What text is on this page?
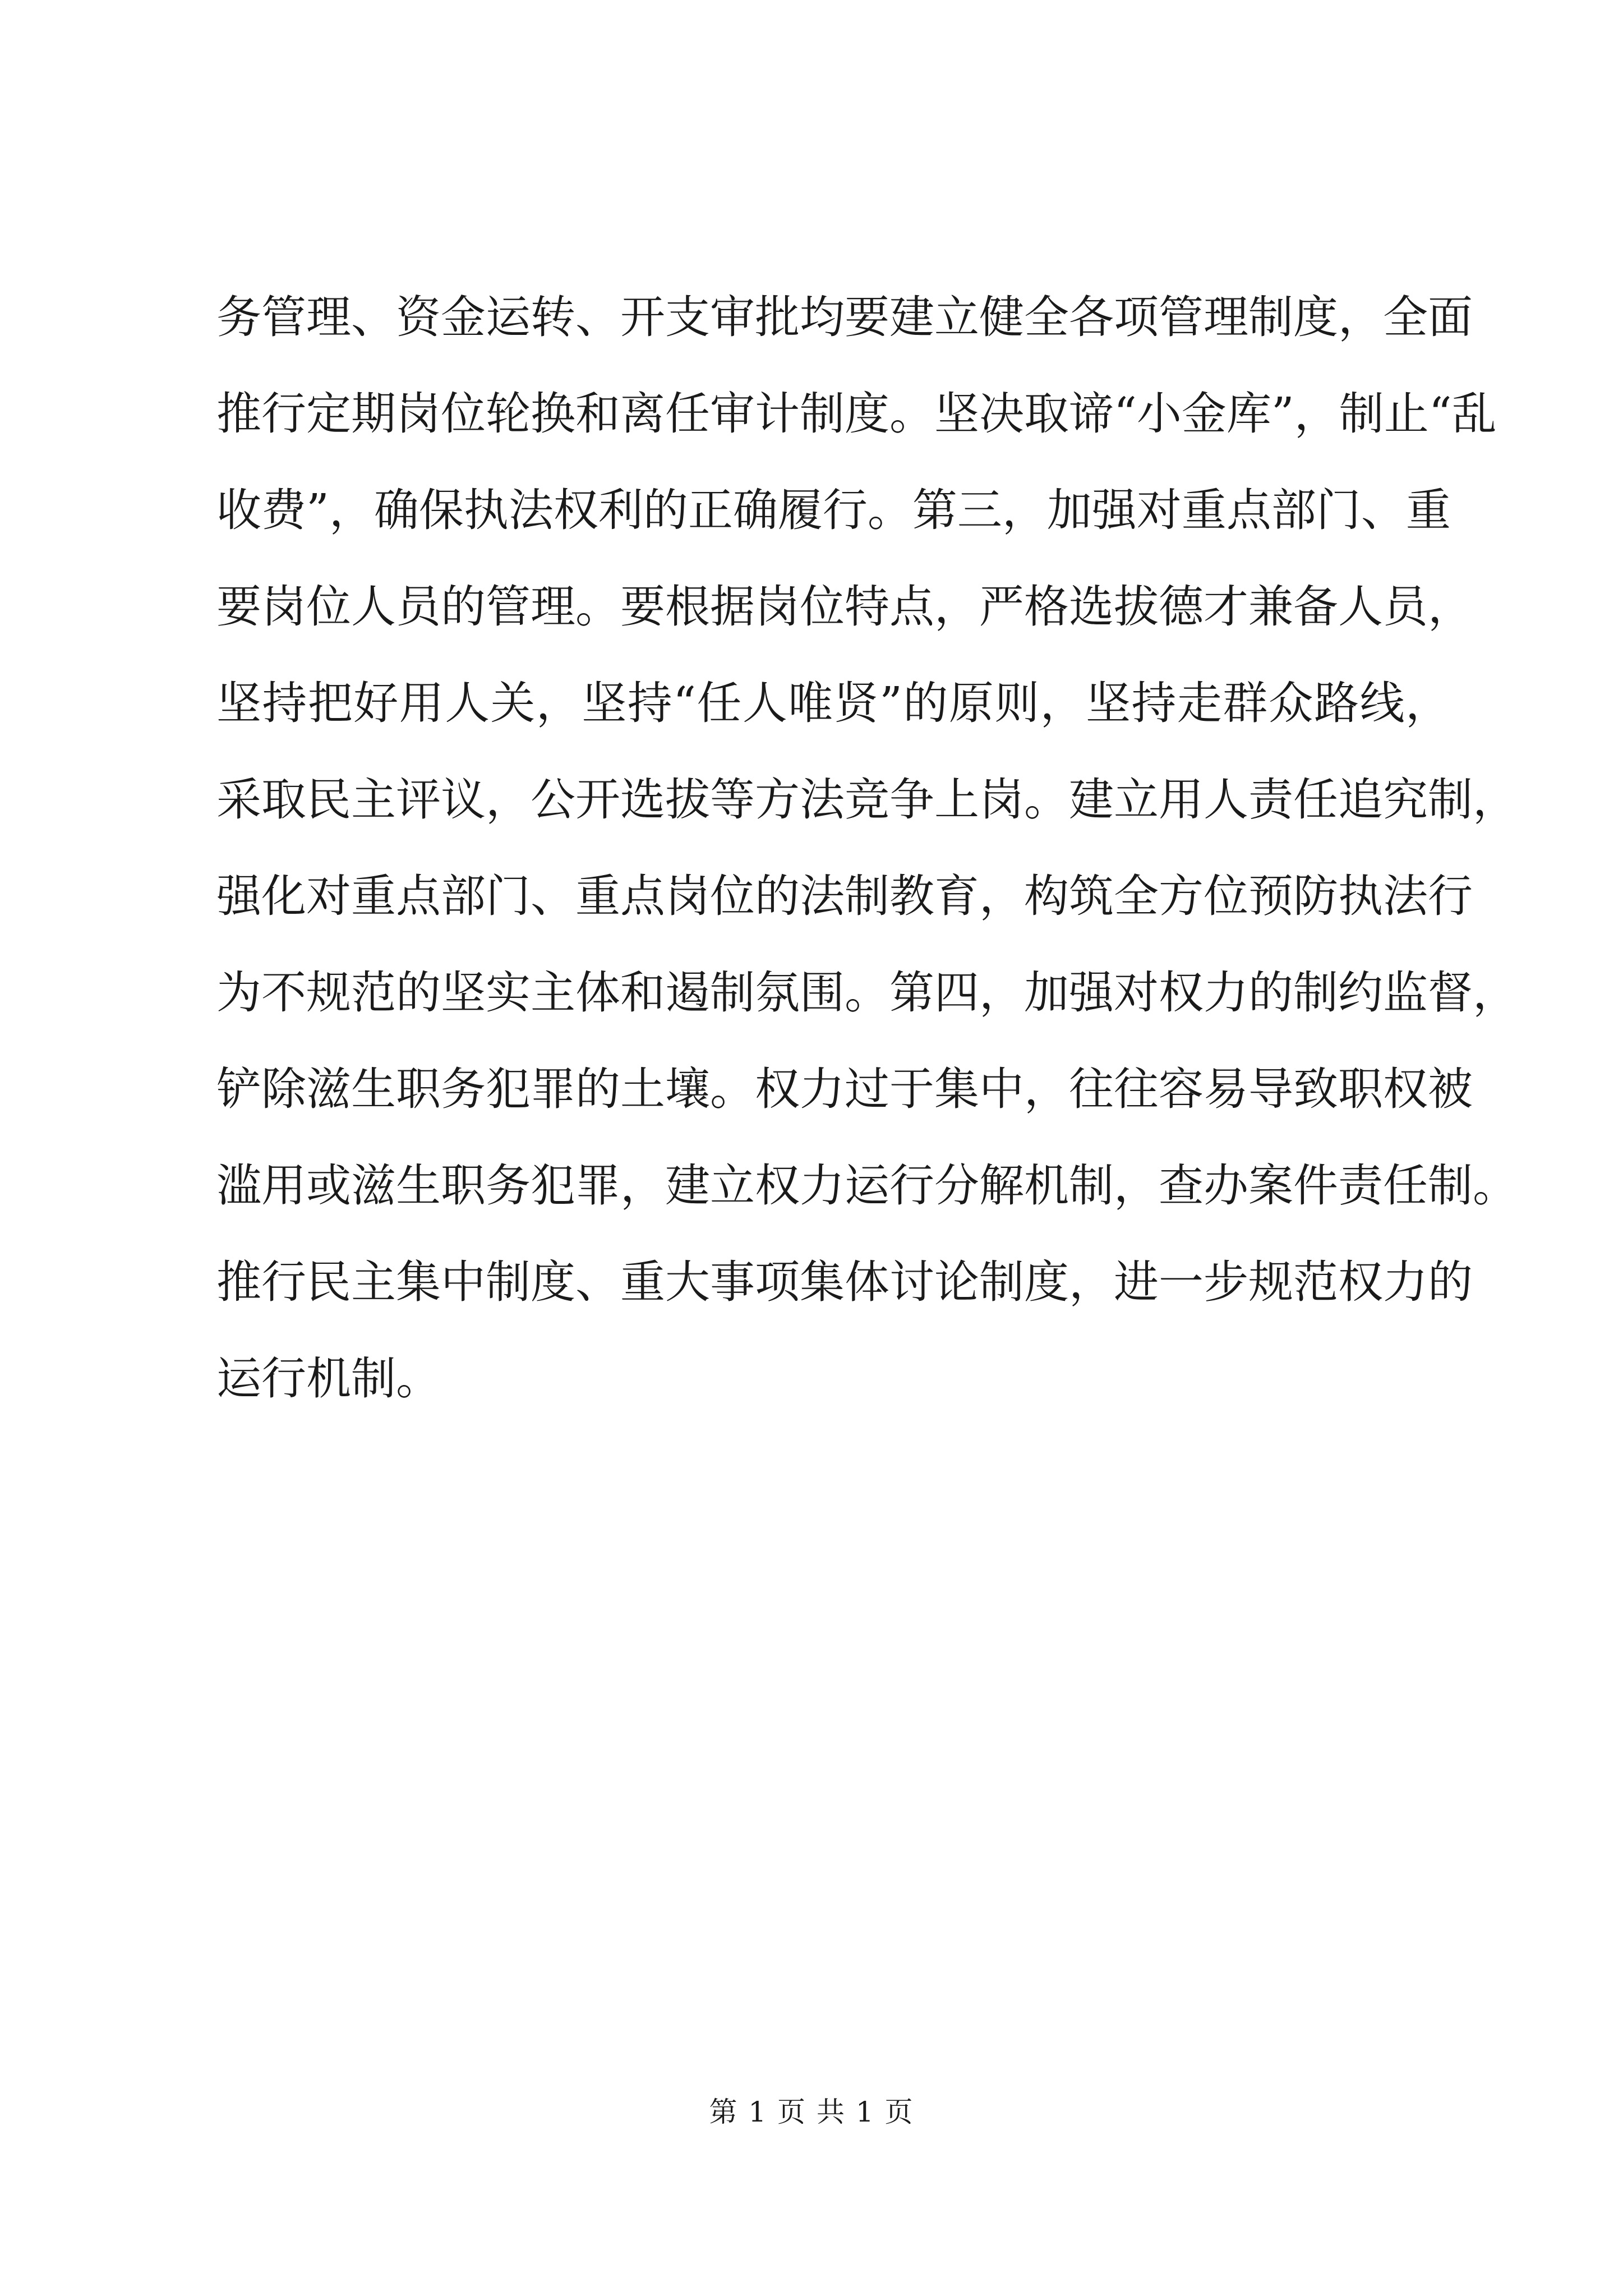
务管理、资金运转、开支审批均要建立健全各项管理制度，全面
推行定期岗位轮换和离任审计制度。坚决取谛“小金库”，制止“乱
收费”，确保执法权利的正确履行。第三，加强对重点部门、重
要岗位人员的管理。要根据岗位特点，严格选拔德才兼备人员，
坚持把好用人关，坚持“任人唯贤”的原则，坚持走群众路线，
采取民主评议，公开选拔等方法竞争上岗。建立用人责任追究制，
强化对重点部门、重点岗位的法制教育，构筑全方位预防执法行
为不规范的坚实主体和遏制氛围。第四，加强对权力的制约监督，
铲除滋生职务犯罪的土壤。权力过于集中，往往容易导致职权被
滥用或滋生职务犯罪，建立权力运行分解机制，查办案件责任制。
推行民主集中制度、重大事项集体讨论制度，进一步规范权力的
运行机制。
第 1 页 共 1 页
